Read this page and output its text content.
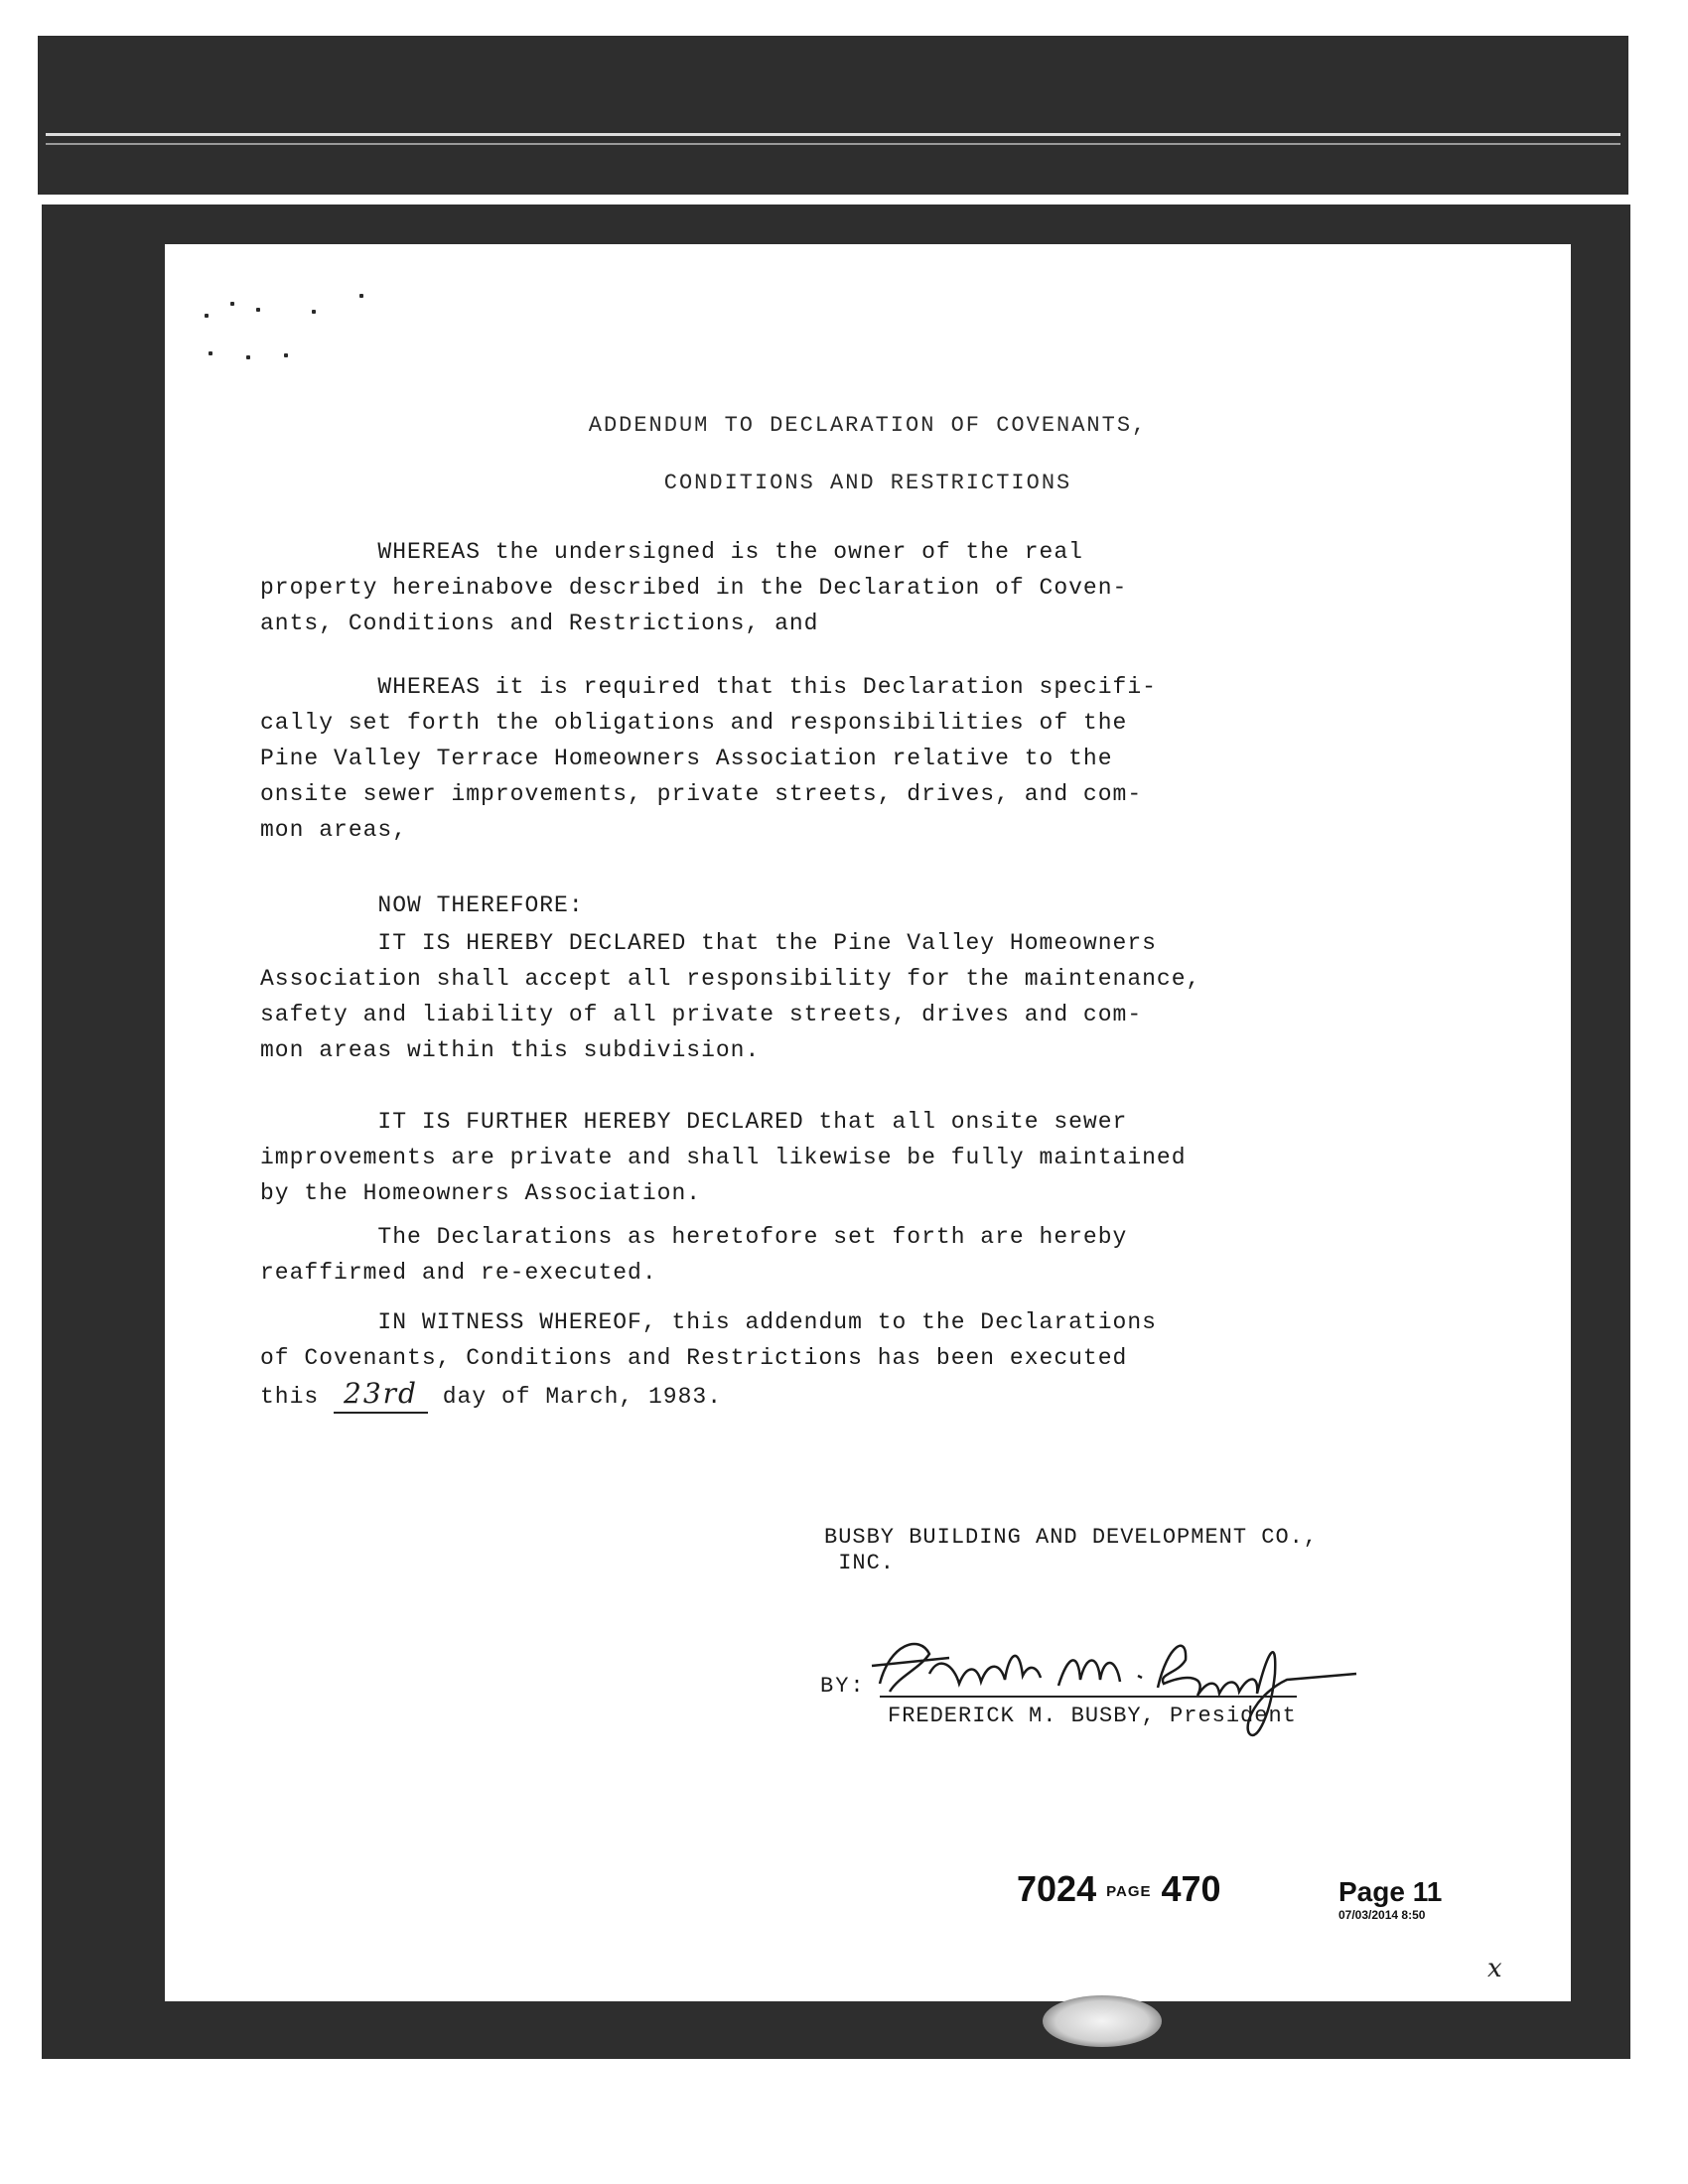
ADDENDUM TO DECLARATION OF COVENANTS,
CONDITIONS AND RESTRICTIONS
WHEREAS the undersigned is the owner of the real
property hereinabove described in the Declaration of Coven-
ants, Conditions and Restrictions, and
WHEREAS it is required that this Declaration specifi-
cally set forth the obligations and responsibilities of the
Pine Valley Terrace Homeowners Association relative to the
onsite sewer improvements, private streets, drives, and com-
mon areas,
NOW THEREFORE:
IT IS HEREBY DECLARED that the Pine Valley Homeowners
Association shall accept all responsibility for the maintenance,
safety and liability of all private streets, drives and com-
mon areas within this subdivision.
IT IS FURTHER HEREBY DECLARED that all onsite sewer
improvements are private and shall likewise be fully maintained
by the Homeowners Association.
The Declarations as heretofore set forth are hereby
reaffirmed and re-executed.
IN WITNESS WHEREOF, this addendum to the Declarations
of Covenants, Conditions and Restrictions has been executed
this 23rd day of March, 1983.
BUSBY BUILDING AND DEVELOPMENT CO.,
INC.
BY:
FREDERICK M. BUSBY, President
7024 PAGE 470	Page 11
07/03/2014 8:50
x
